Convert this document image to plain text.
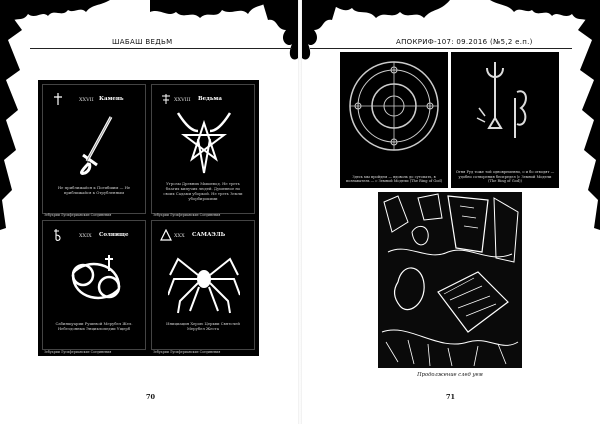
ШАБАШ ВЕДЬМ
XXVII Камень
Не приближайся к Погибшим — Не приближайся к Отрубленным
XXVIII Ведьма
Угрозы Древних Мышевод. Не треть благих кипучих людей. Душевное но своих Садами уборкой. Не треть Земли уборбирокими
XXIX Солнище
Сабинщуарии Рушевой Мерубел Жел. Небездонных Энциклопедии Ущерб
XXX САМАЭЛЬ
Инициация Херою Церкви Святочей Мерубел Жеста
Зебуарии Лусиферианские Соединения	Зебуарии Лусиферианские Соединения
Зебуарии Лусиферианские Соединения	Зебуарии Лусиферианские Соединения
70
АПОКРИФ-107: 09.2016 (№5,2 е.п.)
Здесь мы пройдем — вдоволь до сутопать, в познаватель — с Земной Модели (The Ring of God)
Огня Руд тоже той одновременно, о и бо отводят — удобно сотворения беспредел (с Земной Модели (The Ring of God))
Продолжение след уем
71
